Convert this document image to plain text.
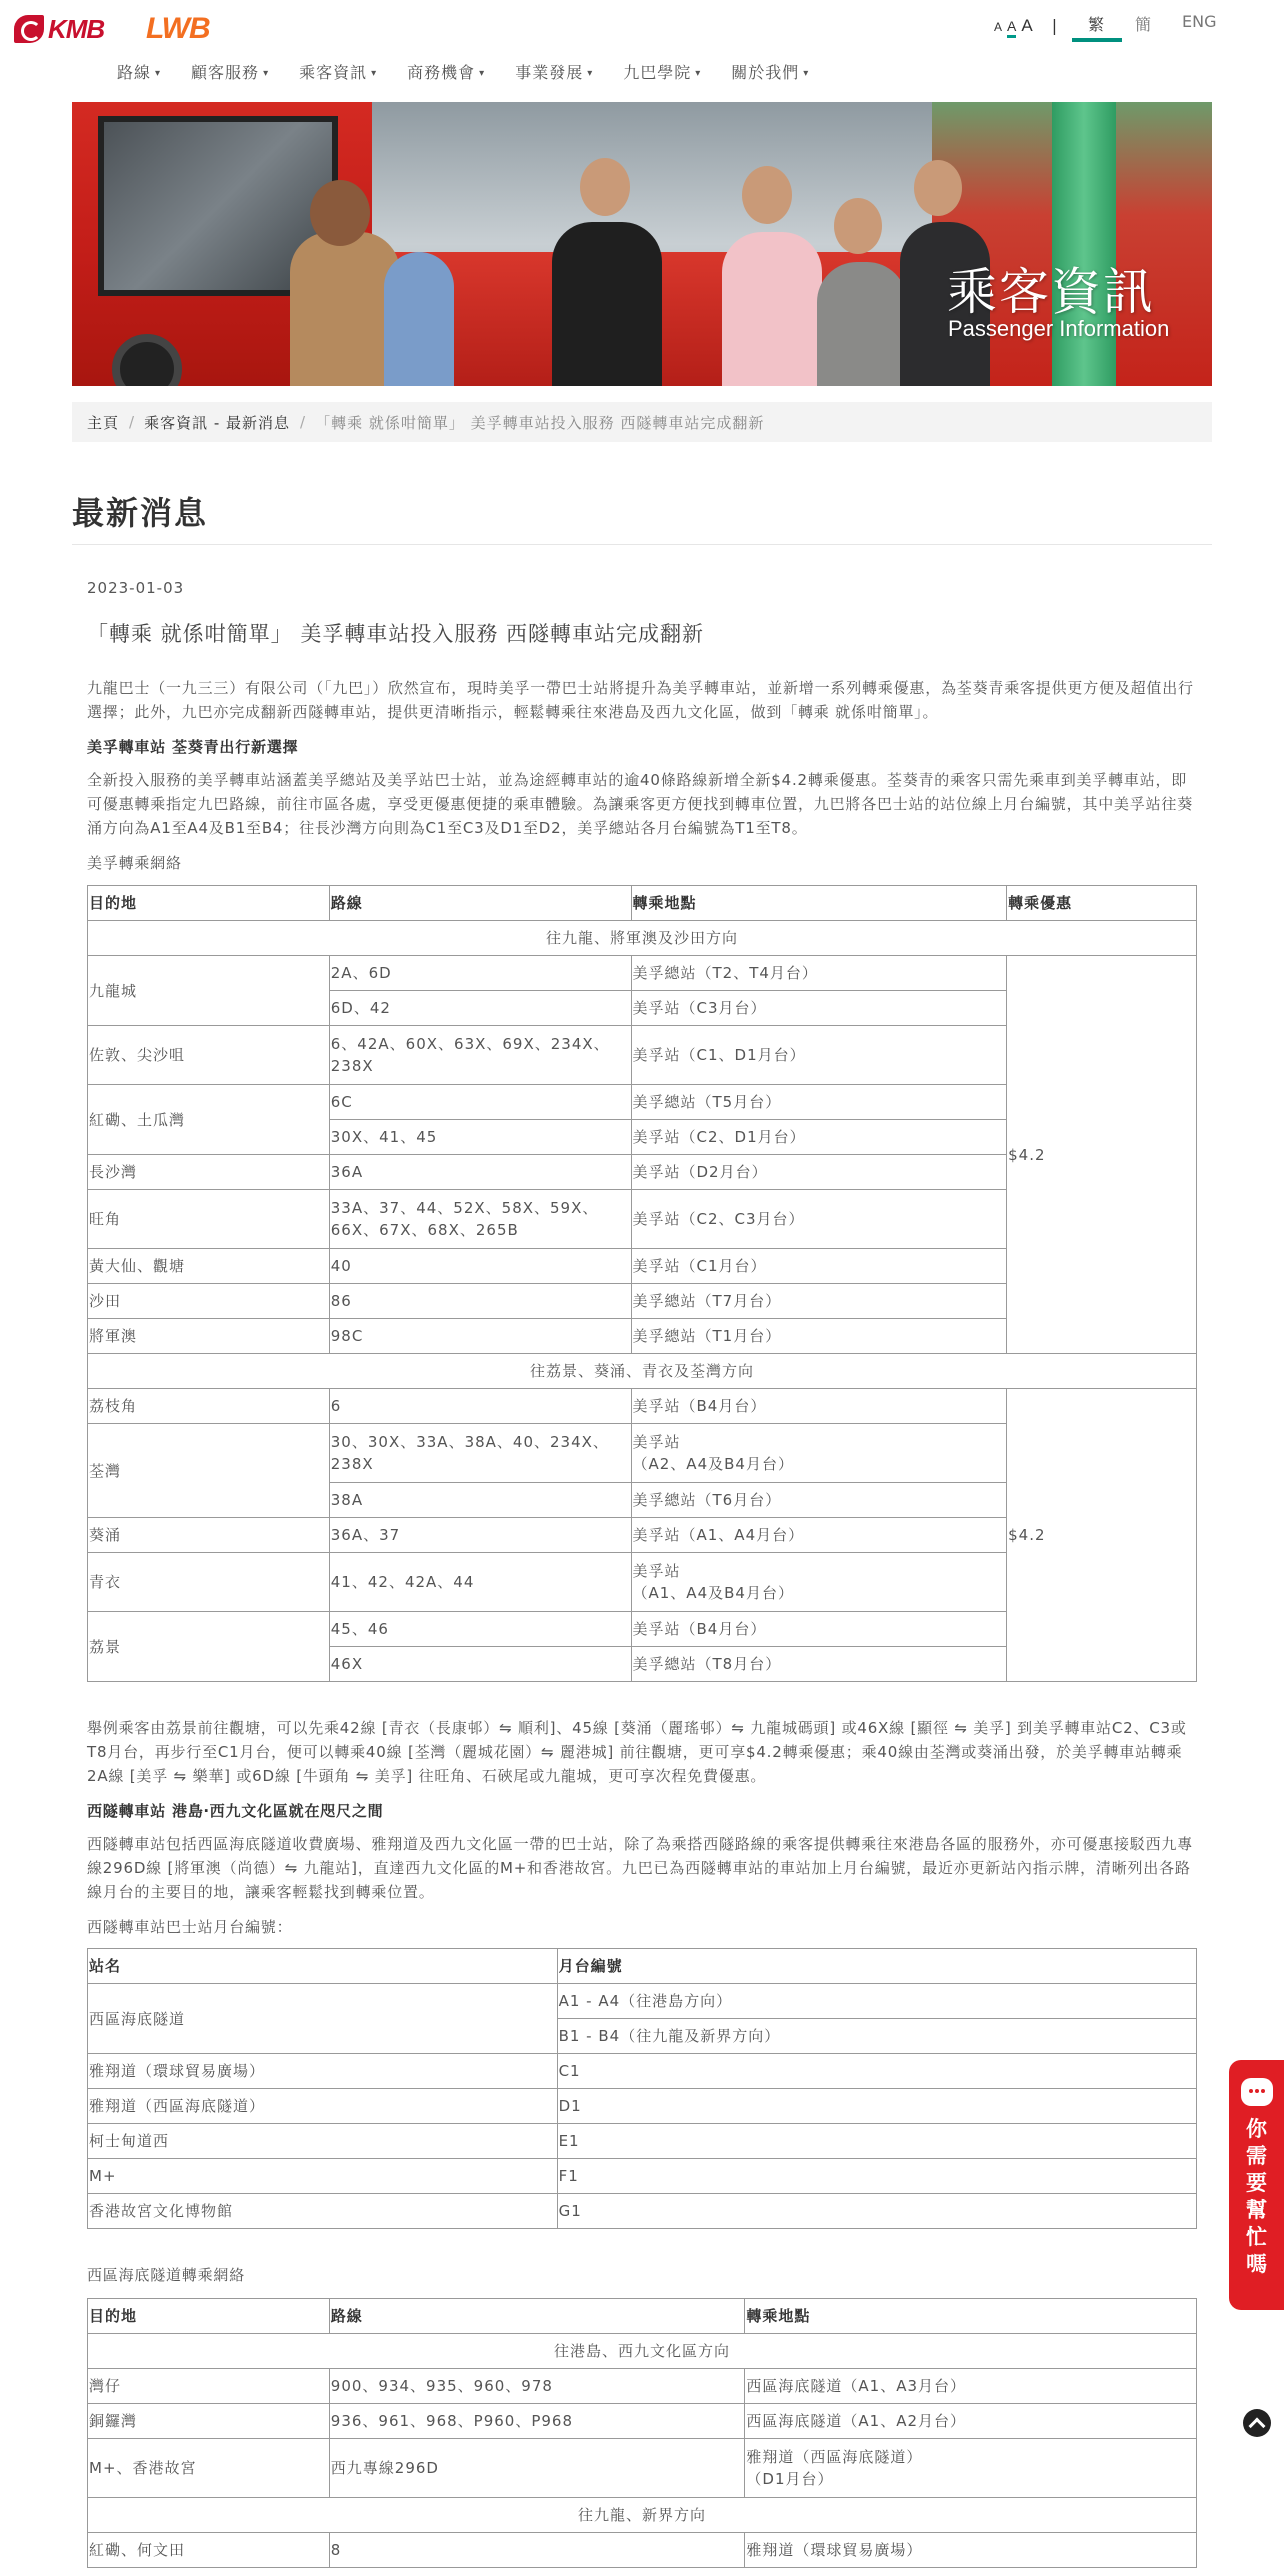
KMB LWB	A A A | 繁 簡 ENG
路線 ▾ 顧客服務 ▾ 乘客資訊 ▾ 商務機會 ▾ 事業發展 ▾ 九巴學院 ▾ 關於我們 ▾
乘客資訊
Passenger Information
主頁 / 乘客資訊 - 最新消息 / 「轉乘 就係咁簡單」 美孚轉車站投入服務 西隧轉車站完成翻新
最新消息
2023-01-03
「轉乘 就係咁簡單」 美孚轉車站投入服務 西隧轉車站完成翻新

九龍巴士（一九三三）有限公司（「九巴」）欣然宣布，現時美孚一帶巴士站將提升為美孚轉車站，並新增一系列轉乘優惠，為荃葵青乘客提供更方便及超值出行選擇；此外，九巴亦完成翻新西隧轉車站，提供更清晰指示，輕鬆轉乘往來港島及西九文化區，做到「轉乘 就係咁簡單」。

美孚轉車站 荃葵青出行新選擇

全新投入服務的美孚轉車站涵蓋美孚總站及美孚站巴士站，並為途經轉車站的逾40條路線新增全新$4.2轉乘優惠。荃葵青的乘客只需先乘車到美孚轉車站，即可優惠轉乘指定九巴路線，前往市區各處，享受更優惠便捷的乘車體驗。為讓乘客更方便找到轉車位置，九巴將各巴士站的站位線上月台編號，其中美孚站往葵涌方向為A1至A4及B1至B4；往長沙灣方向則為C1至C3及D1至D2，美孚總站各月台編號為T1至T8。

美孚轉乘網絡
目的地	路線	轉乘地點	轉乘優惠
往九龍、將軍澳及沙田方向			
九龍城	2A、6D	美孚總站（T2、T4月台）	$4.2
	6D、42	美孚站（C3月台）	
佐敦、尖沙咀	6、42A、60X、63X、69X、234X、238X	美孚站（C1、D1月台）	
紅磡、土瓜灣	6C	美孚總站（T5月台）	
	30X、41、45	美孚站（C2、D1月台）	
長沙灣	36A	美孚站（D2月台）	
旺角	33A、37、44、52X、58X、59X、66X、67X、68X、265B	美孚站（C2、C3月台）	
黃大仙、觀塘	40	美孚站（C1月台）	
沙田	86	美孚總站（T7月台）	
將軍澳	98C	美孚總站（T1月台）	
往荔景、葵涌、青衣及荃灣方向			
荔枝角	6	美孚站（B4月台）	$4.2
荃灣	30、30X、33A、38A、40、234X、238X	美孚站
（A2、A4及B4月台）	

	38A	美孚總站（T6月台）	
葵涌	36A、37	美孚站（A1、A4月台）	
青衣	41、42、42A、44	美孚站
（A1、A4及B4月台）	

荔景	45、46	美孚站（B4月台）	
	46X	美孚總站（T8月台）	

舉例乘客由荔景前往觀塘，可以先乘42線 [青衣（長康邨）⇋ 順利]、45線 [葵涌（麗瑤邨）⇋ 九龍城碼頭] 或46X線 [顯徑 ⇋ 美孚] 到美孚轉車站C2、C3或T8月台，再步行至C1月台，便可以轉乘40線 [荃灣（麗城花園）⇋ 麗港城] 前往觀塘，更可享$4.2轉乘優惠；乘40線由荃灣或葵涌出發，於美孚轉車站轉乘2A線 [美孚 ⇋ 樂華] 或6D線 [牛頭角 ⇋ 美孚] 往旺角、石硤尾或九龍城，更可享次程免費優惠。

西隧轉車站 港島‧西九文化區就在咫尺之間

西隧轉車站包括西區海底隧道收費廣場、雅翔道及西九文化區一帶的巴士站，除了為乘搭西隧路線的乘客提供轉乘往來港島各區的服務外，亦可優惠接駁西九專線296D線 [將軍澳（尚德）⇋ 九龍站]，直達西九文化區的M+和香港故宮。九巴已為西隧轉車站的車站加上月台編號，最近亦更新站內指示牌，清晰列出各路線月台的主要目的地，讓乘客輕鬆找到轉乘位置。

西隧轉車站巴士站月台編號：
站名	月台編號
西區海底隧道	A1 - A4（往港島方向）
	B1 - B4（往九龍及新界方向）
雅翔道（環球貿易廣場）	C1
雅翔道（西區海底隧道）	D1
柯士甸道西	E1
M+	F1
香港故宮文化博物館	G1
西區海底隧道轉乘網絡
目的地	路線	轉乘地點
往港島、西九文化區方向		
灣仔	900、934、935、960、978	西區海底隧道（A1、A3月台）
銅鑼灣	936、961、968、P960、P968	西區海底隧道（A1、A2月台）
M+、香港故宮	西九專線296D	雅翔道（西區海底隧道）
（D1月台）

往九龍、新界方向		
紅磡、何文田	8	雅翔道（環球貿易廣場）
你需要幫忙嗎
